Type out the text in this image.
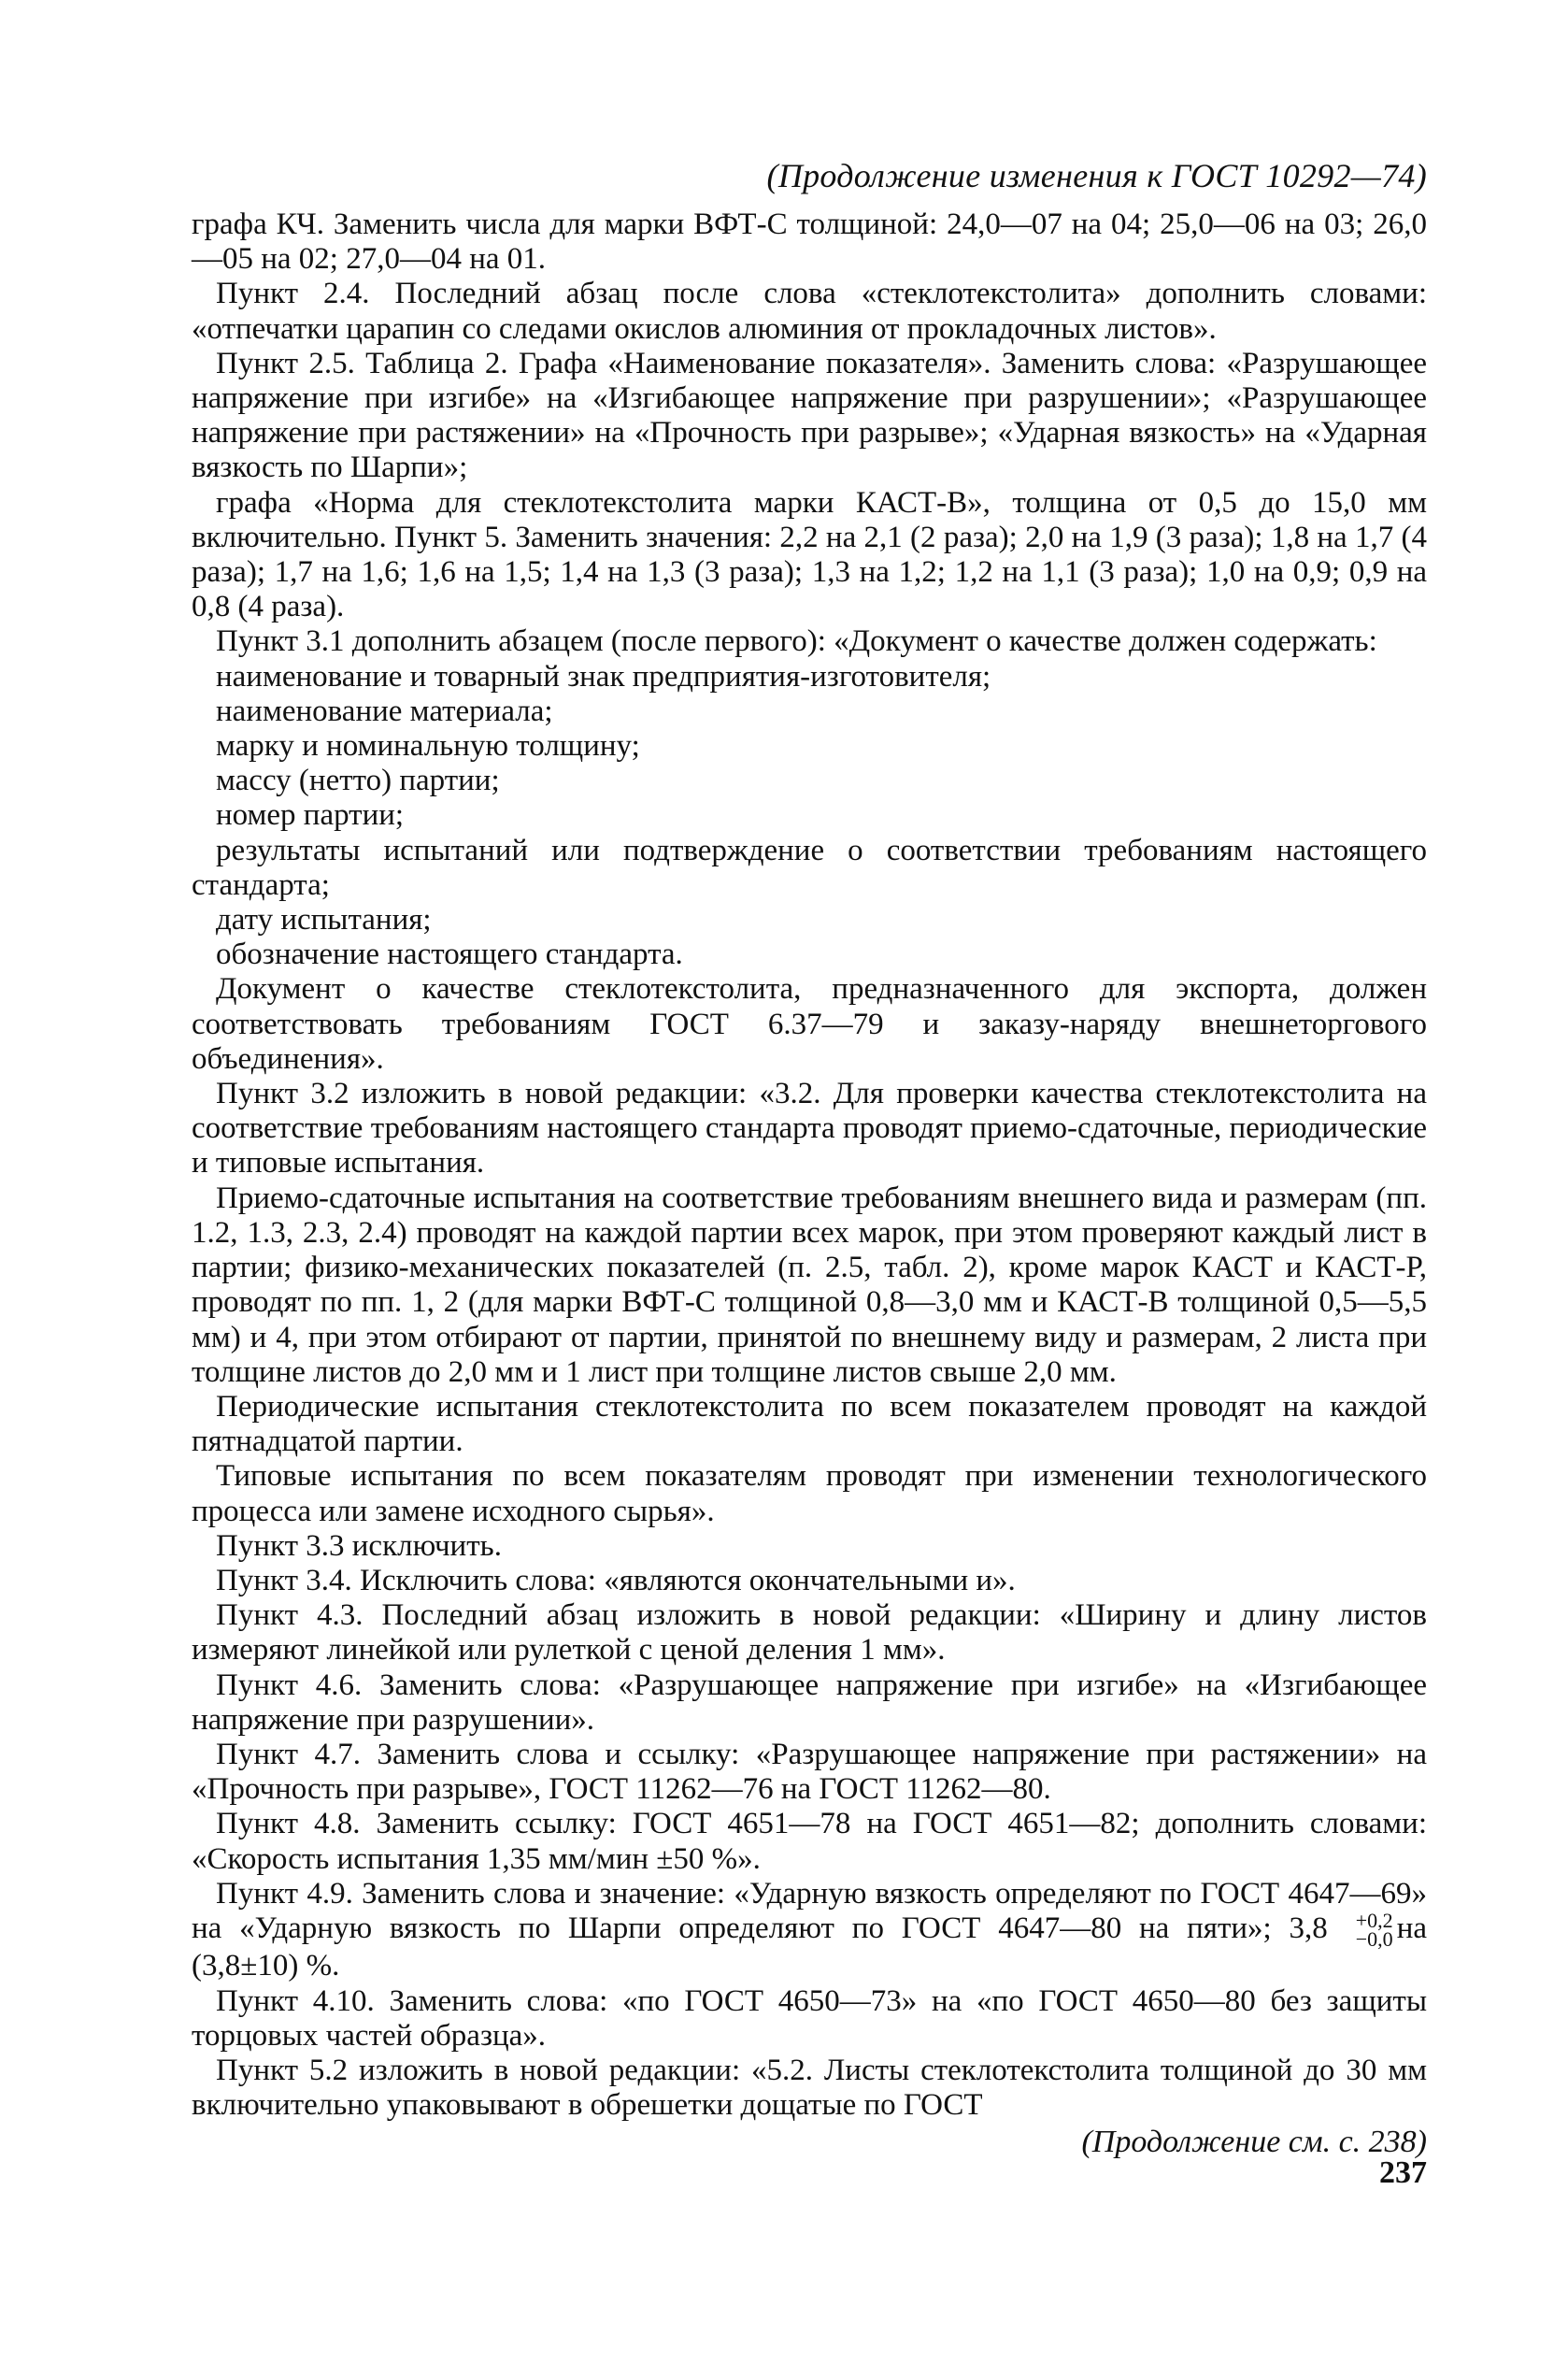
(Продолжение изменения к ГОСТ 10292—74)

графа КЧ. Заменить числа для марки ВФТ-С толщиной: 24,0—07 на 04; 25,0—06 на 03; 26,0—05 на 02; 27,0—04 на 01.

Пункт 2.4. Последний абзац после слова «стеклотекстолита» дополнить словами: «отпечатки царапин со следами окислов алюминия от прокладочных листов».

Пункт 2.5. Таблица 2. Графа «Наименование показателя». Заменить слова: «Разрушающее напряжение при изгибе» на «Изгибающее напряжение при разрушении»; «Разрушающее напряжение при растяжении» на «Прочность при разрыве»; «Ударная вязкость» на «Ударная вязкость по Шарпи»;

графа «Норма для стеклотекстолита марки КАСТ-В», толщина от 0,5 до 15,0 мм включительно. Пункт 5. Заменить значения: 2,2 на 2,1 (2 раза); 2,0 на 1,9 (3 раза); 1,8 на 1,7 (4 раза); 1,7 на 1,6; 1,6 на 1,5; 1,4 на 1,3 (3 раза); 1,3 на 1,2; 1,2 на 1,1 (3 раза); 1,0 на 0,9; 0,9 на 0,8 (4 раза).

Пункт 3.1 дополнить абзацем (после первого): «Документ о качестве должен содержать:

наименование и товарный знак предприятия-изготовителя;

наименование материала;

марку и номинальную толщину;

массу (нетто) партии;

номер партии;

результаты испытаний или подтверждение о соответствии требованиям настоящего стандарта;

дату испытания;

обозначение настоящего стандарта.

Документ о качестве стеклотекстолита, предназначенного для экспорта, должен соответствовать требованиям ГОСТ 6.37—79 и заказу-наряду внешнеторгового объединения».

Пункт 3.2 изложить в новой редакции: «3.2. Для проверки качества стеклотекстолита на соответствие требованиям настоящего стандарта проводят приемо-сдаточные, периодические и типовые испытания.

Приемо-сдаточные испытания на соответствие требованиям внешнего вида и размерам (пп. 1.2, 1.3, 2.3, 2.4) проводят на каждой партии всех марок, при этом проверяют каждый лист в партии; физико-механических показателей (п. 2.5, табл. 2), кроме марок КАСТ и КАСТ-Р, проводят по пп. 1, 2 (для марки ВФТ-С толщиной 0,8—3,0 мм и КАСТ-В толщиной 0,5—5,5 мм) и 4, при этом отбирают от партии, принятой по внешнему виду и размерам, 2 листа при толщине листов до 2,0 мм и 1 лист при толщине листов свыше 2,0 мм.

Периодические испытания стеклотекстолита по всем показателем проводят на каждой пятнадцатой партии.

Типовые испытания по всем показателям проводят при изменении технологического процесса или замене исходного сырья».

Пункт 3.3 исключить.

Пункт 3.4. Исключить слова: «являются окончательными и».

Пункт 4.3. Последний абзац изложить в новой редакции: «Ширину и длину листов измеряют линейкой или рулеткой с ценой деления 1 мм».

Пункт 4.6. Заменить слова: «Разрушающее напряжение при изгибе» на «Изгибающее напряжение при разрушении».

Пункт 4.7. Заменить слова и ссылку: «Разрушающее напряжение при растяжении» на «Прочность при разрыве», ГОСТ 11262—76 на ГОСТ 11262—80.

Пункт 4.8. Заменить ссылку: ГОСТ 4651—78 на ГОСТ 4651—82; дополнить словами: «Скорость испытания 1,35 мм/мин ±50 %».

Пункт 4.9. Заменить слова и значение: «Ударную вязкость определяют по ГОСТ 4647—69» на «Ударную вязкость по Шарпи определяют по ГОСТ 4647—80 на пяти»; 3,8	+0,2
−0,0 на (3,8±10) %.

Пункт 4.10. Заменить слова: «по ГОСТ 4650—73» на «по ГОСТ 4650—80 без защиты торцовых частей образца».

Пункт 5.2 изложить в новой редакции: «5.2. Листы стеклотекстолита толщиной до 30 мм включительно упаковывают в обрешетки дощатые по ГОСТ

(Продолжение см. с. 238)
237
